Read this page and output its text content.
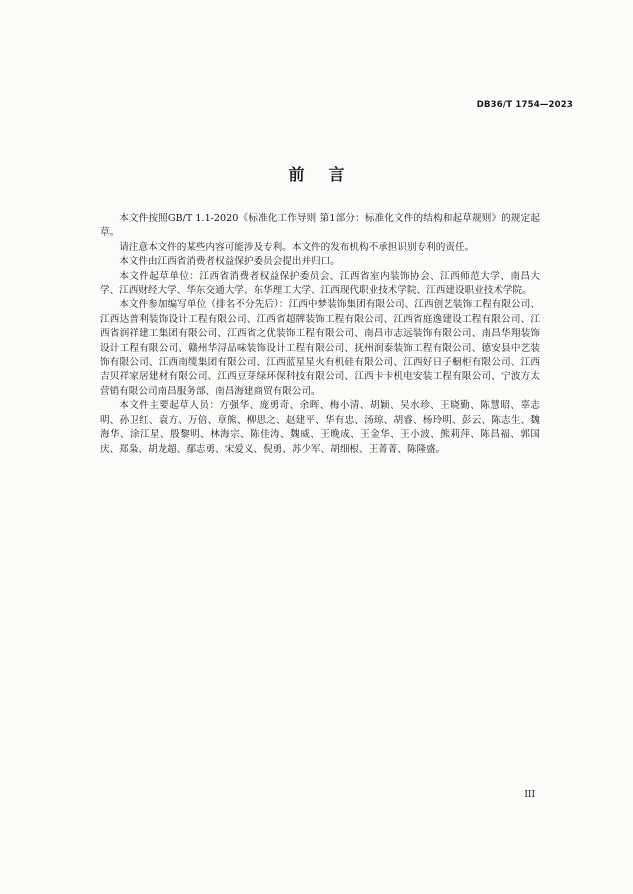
DB36/T 1754—2023
前言

本文件按照GB/T 1.1-2020《标准化工作导则 第1部分：标准化文件的结构和起草规则》的规定起草。

请注意本文件的某些内容可能涉及专利。本文件的发布机构不承担识别专利的责任。

本文件由江西省消费者权益保护委员会提出并归口。

本文件起草单位：江西省消费者权益保护委员会、江西省室内装饰协会、江西师范大学、南昌大学、江西财经大学、华东交通大学、东华理工大学、江西现代职业技术学院、江西建设职业技术学院。

本文件参加编写单位（排名不分先后）：江西中梦装饰集团有限公司、江西创艺装饰工程有限公司、江西达普利装饰设计工程有限公司、江西省超牌装饰工程有限公司、江西省庭逸建设工程有限公司、江西省润祥建工集团有限公司、江西省之优装饰工程有限公司、南昌市志远装饰有限公司、南昌华翔装饰设计工程有限公司、赣州华浔品味装饰设计工程有限公司、抚州润泰装饰工程有限公司、德安县中艺装饰有限公司、江西南缆集团有限公司、江西蓝星星火有机硅有限公司、江西好日子橱柜有限公司、江西吉贝祥家居建材有限公司、江西豆芽绿环保科技有限公司、江西卡卡机电安装工程有限公司、宁波方太营销有限公司南昌服务部、南昌海建商贸有限公司。

本文件主要起草人员：方强华、庞勇奇、余晖、梅小清、胡颖、吴水珍、王晓勤、陈慧昭、辜志明、孙卫红、袁方、万倍、章熊、柳思之、赵建平、华有忠、汤琼、胡睿、杨玲明、彭云、陈志生、魏海华、涂江星、殷黎明、林海宗、陈佳涛、魏威、王晚成、王金华、王小波、熊莉萍、陈昌福、郭国庆、郑枭、胡龙超、鄢志勇、宋爱义、倪勇、苏少军、胡细根、王菁菁、陈隆盛。

III
